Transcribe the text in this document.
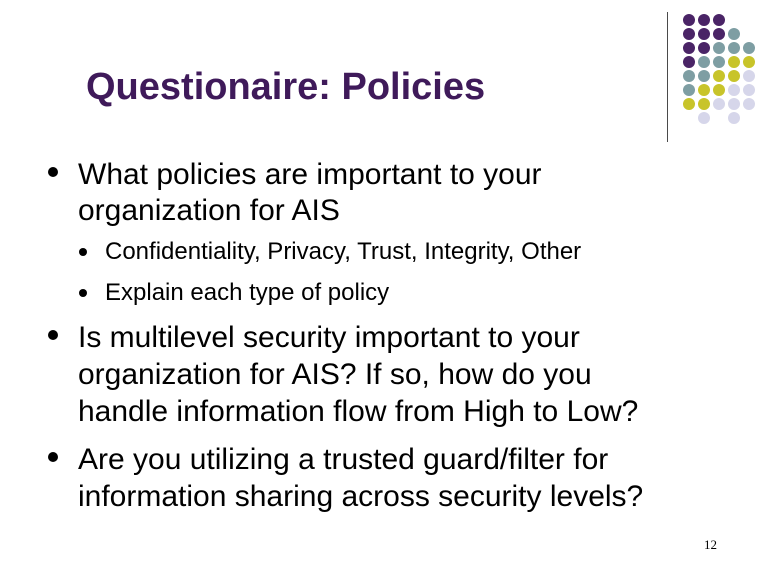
Questionaire: Policies

What policies are important to your

organization for AIS

Confidentiality, Privacy, Trust, Integrity, Other

Explain each type of policy

Is multilevel security important to your

organization for AIS? If so, how do you

handle information flow from High to Low?

Are you utilizing a trusted guard/filter for

information sharing across security levels?

12
